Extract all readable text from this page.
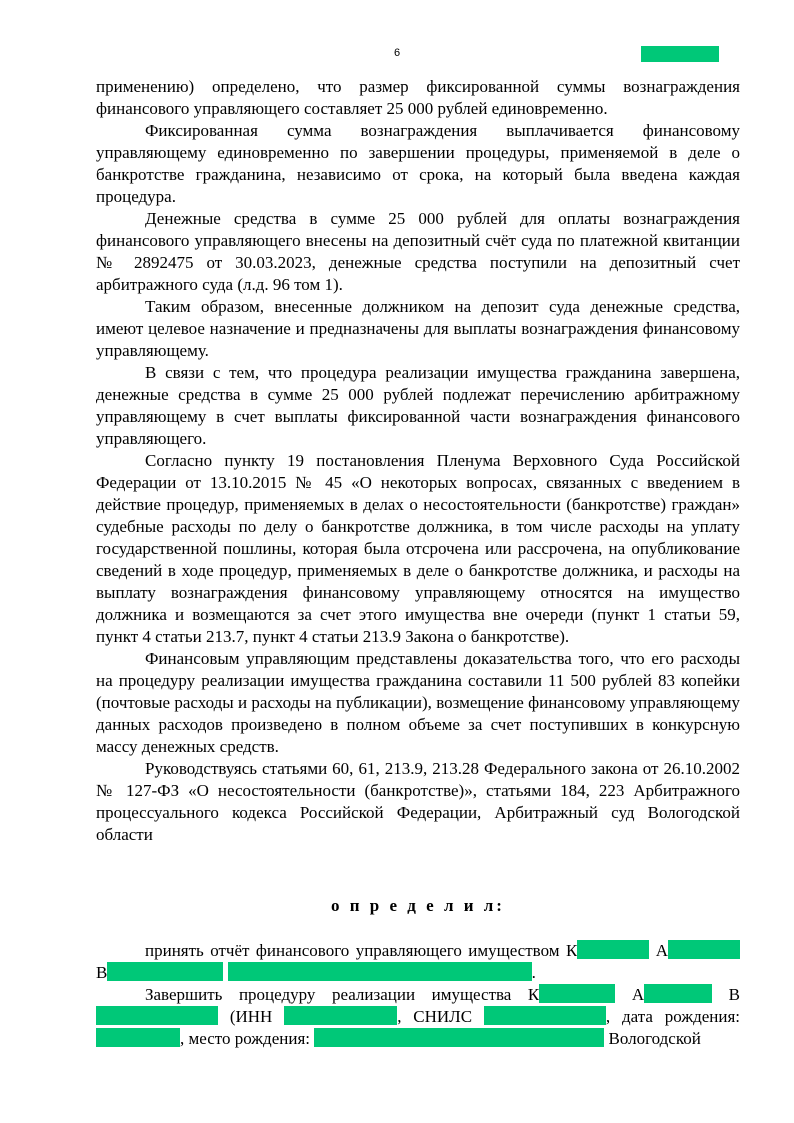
6

применению) определено, что размер фиксированной суммы вознаграждения финансового управляющего составляет 25 000 рублей единовременно.

Фиксированная сумма вознаграждения выплачивается финансовому управляющему единовременно по завершении процедуры, применяемой в деле о банкротстве гражданина, независимо от срока, на который была введена каждая процедура.

Денежные средства в сумме 25 000 рублей для оплаты вознаграждения финансового управляющего внесены на депозитный счёт суда по платежной квитанции № 2892475 от 30.03.2023, денежные средства поступили на депозитный счет арбитражного суда (л.д. 96 том 1).

Таким образом, внесенные должником на депозит суда денежные средства, имеют целевое назначение и предназначены для выплаты вознаграждения финансовому управляющему.

В связи с тем, что процедура реализации имущества гражданина завершена, денежные средства в сумме 25 000 рублей подлежат перечислению арбитражному управляющему в счет выплаты фиксированной части вознаграждения финансового управляющего.

Согласно пункту 19 постановления Пленума Верховного Суда Российской Федерации от 13.10.2015 № 45 «О некоторых вопросах, связанных с введением в действие процедур, применяемых в делах о несостоятельности (банкротстве) граждан» судебные расходы по делу о банкротстве должника, в том числе расходы на уплату государственной пошлины, которая была отсрочена или рассрочена, на опубликование сведений в ходе процедур, применяемых в деле о банкротстве должника, и расходы на выплату вознаграждения финансовому управляющему относятся на имущество должника и возмещаются за счет этого имущества вне очереди (пункт 1 статьи 59, пункт 4 статьи 213.7, пункт 4 статьи 213.9 Закона о банкротстве).

Финансовым управляющим представлены доказательства того, что его расходы на процедуру реализации имущества гражданина составили 11 500 рублей 83 копейки (почтовые расходы и расходы на публикации), возмещение финансовому управляющему данных расходов произведено в полном объеме за счет поступивших в конкурсную массу денежных средств.

Руководствуясь статьями 60, 61, 213.9, 213.28 Федерального закона от 26.10.2002 № 127-ФЗ «О несостоятельности (банкротстве)», статьями 184, 223 Арбитражного процессуального кодекса Российской Федерации, Арбитражный суд Вологодской области

о п р е д е л и л:

принять отчёт финансового управляющего имуществом К	А В	.

Завершить процедуру реализации имущества К	А	В (ИНН	, СНИЛС	, дата рождения: , место рождения:	Вологодской
